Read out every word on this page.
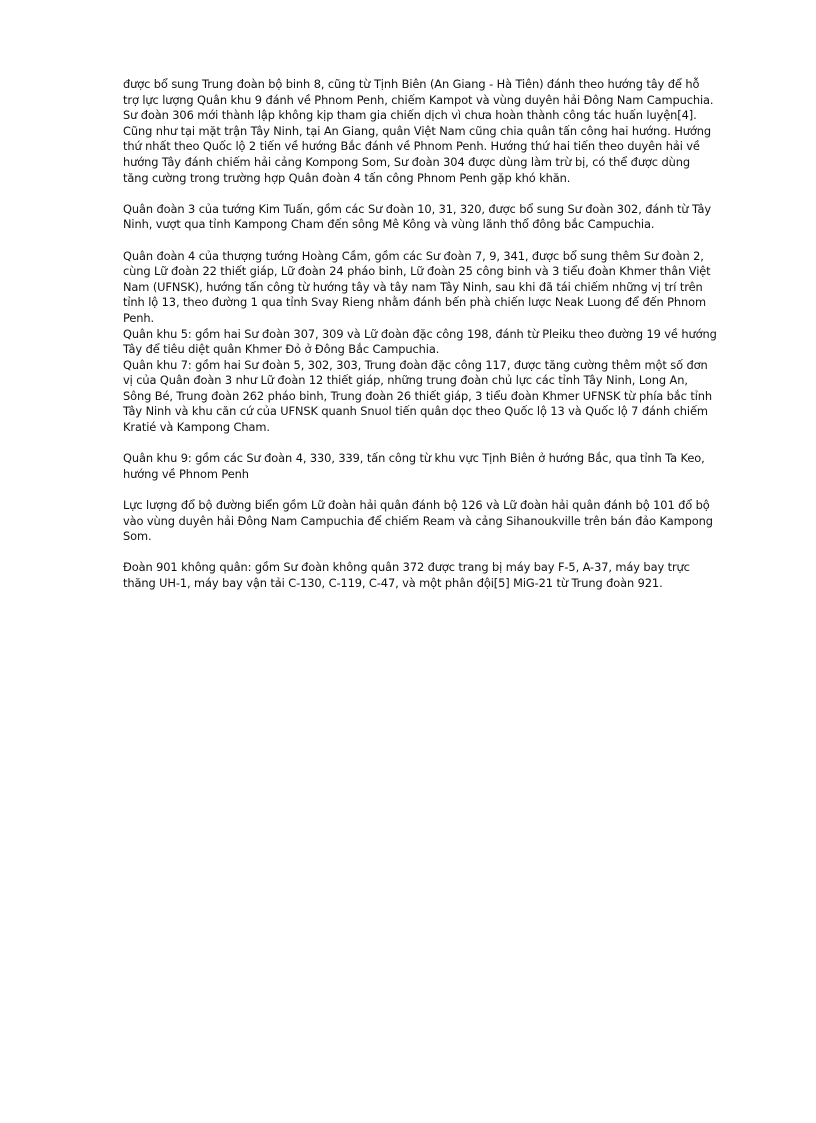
được bổ sung Trung đoàn bộ binh 8, cũng từ Tịnh Biên (An Giang - Hà Tiên) đánh theo hướng tây để hỗ trợ lực lượng Quân khu 9 đánh về Phnom Penh, chiếm Kampot và vùng duyên hải Đông Nam Campuchia. Sư đoàn 306 mới thành lập không kịp tham gia chiến dịch vì chưa hoàn thành công tác huấn luyện[4]. Cũng như tại mặt trận Tây Ninh, tại An Giang, quân Việt Nam cũng chia quân tấn công hai hướng. Hướng thứ nhất theo Quốc lộ 2 tiến về hướng Bắc đánh về Phnom Penh. Hướng thứ hai tiến theo duyên hải về hướng Tây đánh chiếm hải cảng Kompong Som, Sư đoàn 304 được dùng làm trừ bị, có thể được dùng tăng cường trong trường hợp Quân đoàn 4 tấn công Phnom Penh gặp khó khăn.

Quân đoàn 3 của tướng Kim Tuấn, gồm các Sư đoàn 10, 31, 320, được bổ sung Sư đoàn 302, đánh từ Tây Ninh, vượt qua tỉnh Kampong Cham đến sông Mê Kông và vùng lãnh thổ đông bắc Campuchia.

Quân đoàn 4 của thượng tướng Hoàng Cầm, gồm các Sư đoàn 7, 9, 341, được bổ sung thêm Sư đoàn 2, cùng Lữ đoàn 22 thiết giáp, Lữ đoàn 24 pháo binh, Lữ đoàn 25 công binh và 3 tiểu đoàn Khmer thân Việt Nam (UFNSK), hướng tấn công từ hướng tây và tây nam Tây Ninh, sau khi đã tái chiếm những vị trí trên tỉnh lộ 13, theo đường 1 qua tỉnh Svay Rieng nhằm đánh bến phà chiến lược Neak Luong để đến Phnom Penh.

Quân khu 5: gồm hai Sư đoàn 307, 309 và Lữ đoàn đặc công 198, đánh từ Pleiku theo đường 19 về hướng Tây để tiêu diệt quân Khmer Đỏ ở Đông Bắc Campuchia.

Quân khu 7: gồm hai Sư đoàn 5, 302, 303, Trung đoàn đặc công 117, được tăng cường thêm một số đơn vị của Quân đoàn 3 như Lữ đoàn 12 thiết giáp, những trung đoàn chủ lực các tỉnh Tây Ninh, Long An, Sông Bé, Trung đoàn 262 pháo binh, Trung đoàn 26 thiết giáp, 3 tiểu đoàn Khmer UFNSK từ phía bắc tỉnh Tây Ninh và khu căn cứ của UFNSK quanh Snuol tiến quân dọc theo Quốc lộ 13 và Quốc lộ 7 đánh chiếm Kratié và Kampong Cham.

Quân khu 9: gồm các Sư đoàn 4, 330, 339, tấn công từ khu vực Tịnh Biên ở hướng Bắc, qua tỉnh Ta Keo, hướng về Phnom Penh

Lực lượng đổ bộ đường biển gồm Lữ đoàn hải quân đánh bộ 126 và Lữ đoàn hải quân đánh bộ 101 đổ bộ vào vùng duyên hải Đông Nam Campuchia để chiếm Ream và cảng Sihanoukville trên bán đảo Kampong Som.

Đoàn 901 không quân: gồm Sư đoàn không quân 372 được trang bị máy bay F-5, A-37, máy bay trực thăng UH-1, máy bay vận tải C-130, C-119, C-47, và một phân đội[5] MiG-21 từ Trung đoàn 921.
